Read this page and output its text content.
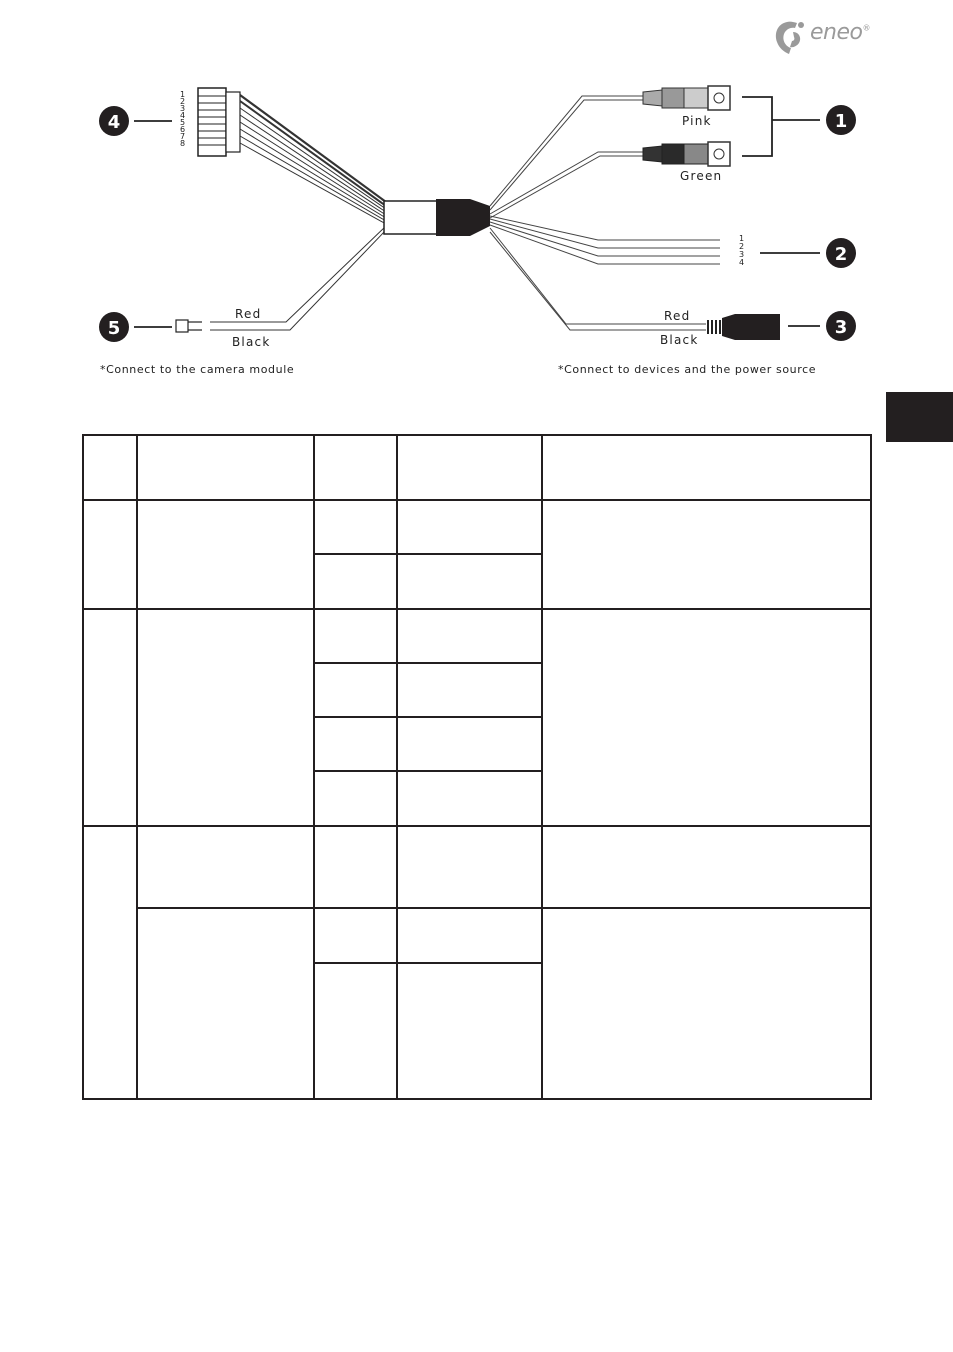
eneo®
1
2
3
4
5
6
7
8
Red
Black
Pink
Green
1
2
3
4
Red
Black
1
2
3
4
5
*Connect to the camera module	*Connect to devices and the power source
